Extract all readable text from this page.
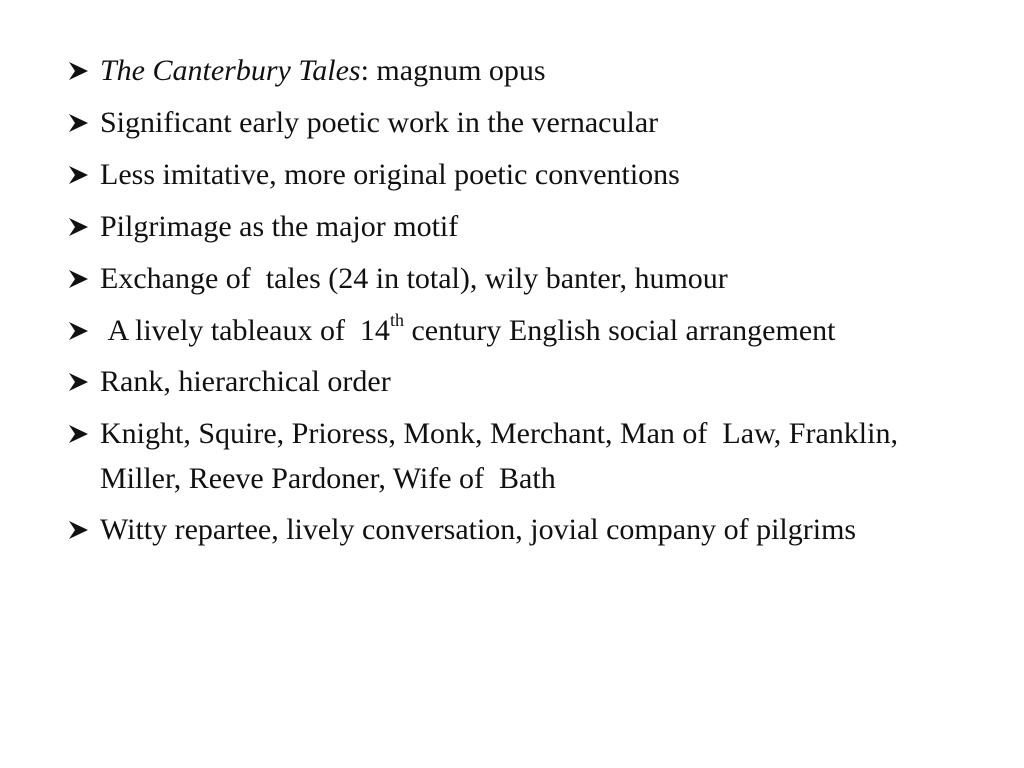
The Canterbury Tales: magnum opus
Significant early poetic work in the vernacular
Less imitative, more original poetic conventions
Pilgrimage as the major motif
Exchange of  tales (24 in total), wily banter, humour
A lively tableaux of  14th century English social arrangement
Rank, hierarchical order
Knight, Squire, Prioress, Monk, Merchant, Man of  Law, Franklin, Miller, Reeve Pardoner, Wife of  Bath
Witty repartee, lively conversation, jovial company of pilgrims
